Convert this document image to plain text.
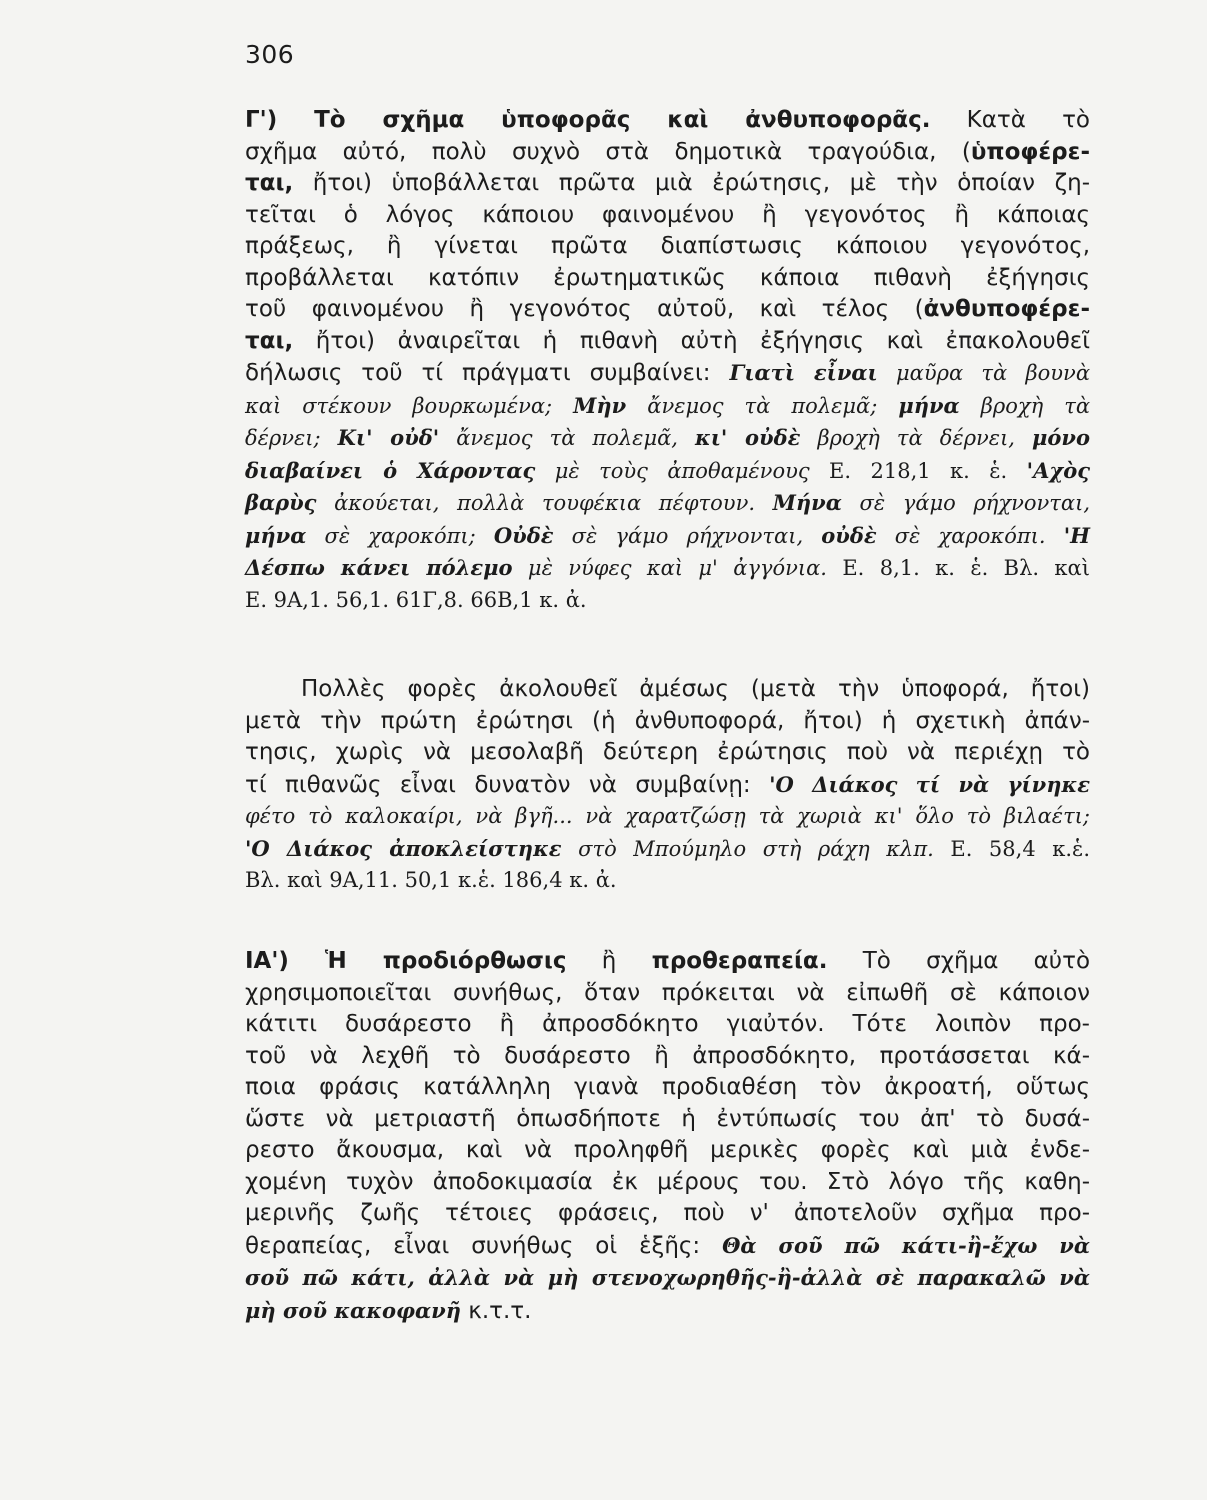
306
Γ') Τὸ σχῆμα ὑποφορᾶς καὶ ἀνθυποφορᾶς. Κατὰ τὸ
σχῆμα αὐτό, πολὺ συχνὸ στὰ δημοτικὰ τραγούδια, (ὑποφέρε-
ται, ἤτοι) ὑποβάλλεται πρῶτα μιὰ ἐρώτησις, μὲ τὴν ὁποίαν ζη-
τεῖται ὁ λόγος κάποιου φαινομένου ἢ γεγονότος ἢ κάποιας
πράξεως, ἢ γίνεται πρῶτα διαπίστωσις κάποιου γεγονότος,
προβάλλεται κατόπιν ἐρωτηματικῶς κάποια πιθανὴ ἐξήγησις
τοῦ φαινομένου ἢ γεγονότος αὐτοῦ, καὶ τέλος (ἀνθυποφέρε-
ται, ἤτοι) ἀναιρεῖται ἡ πιθανὴ αὐτὴ ἐξήγησις καὶ ἐπακολουθεῖ
δήλωσις τοῦ τί πράγματι συμβαίνει: Γιατὶ εἶναι μαῦρα τὰ βουνὰ
καὶ στέκουν βουρκωμένα; Μὴν ἄνεμος τὰ πολεμᾶ; μήνα βροχὴ τὰ
δέρνει; Κι' οὐδ' ἄνεμος τὰ πολεμᾶ, κι' οὐδὲ βροχὴ τὰ δέρνει, μόνο
διαβαίνει ὁ Χάροντας μὲ τοὺς ἀποθαμένους Ε. 218,1 κ. ἑ. 'Αχὸς
βαρὺς ἀκούεται, πολλὰ τουφέκια πέφτουν. Μήνα σὲ γάμο ρήχνονται,
μήνα σὲ χαροκόπι; Οὐδὲ σὲ γάμο ρήχνονται, οὐδὲ σὲ χαροκόπι. 'Η
Δέσπω κάνει πόλεμο μὲ νύφες καὶ μ' ἀγγόνια. Ε. 8,1. κ. ἑ. Βλ. καὶ
Ε. 9Α,1. 56,1. 61Γ,8. 66Β,1 κ. ἀ.
Πολλὲς φορὲς ἀκολουθεῖ ἀμέσως (μετὰ τὴν ὑποφορά, ἤτοι)
μετὰ τὴν πρώτη ἐρώτησι (ἡ ἀνθυποφορά, ἤτοι) ἡ σχετικὴ ἀπάν-
τησις, χωρὶς νὰ μεσολαβῆ δεύτερη ἐρώτησις ποὺ νὰ περιέχῃ τὸ
τί πιθανῶς εἶναι δυνατὸν νὰ συμβαίνῃ: 'Ο Διάκος τί νὰ γίνηκε
φέτο τὸ καλοκαίρι, νὰ βγῆ... νὰ χαρατζώσῃ τὰ χωριὰ κι' ὅλο τὸ βιλαέτι;
'Ο Διάκος ἀποκλείστηκε στὸ Μπούμηλο στὴ ράχη κλπ. Ε. 58,4 κ.ἑ.
Βλ. καὶ 9Α,11. 50,1 κ.ἑ. 186,4 κ. ἀ.
ΙΑ') Ἡ προδιόρθωσις ἢ προθεραπεία. Τὸ σχῆμα αὐτὸ
χρησιμοποιεῖται συνήθως, ὅταν πρόκειται νὰ εἰπωθῆ σὲ κάποιον
κάτιτι δυσάρεστο ἢ ἀπροσδόκητο γιαὐτόν. Τότε λοιπὸν προ-
τοῦ νὰ λεχθῆ τὸ δυσάρεστο ἢ ἀπροσδόκητο, προτάσσεται κά-
ποια φράσις κατάλληλη γιανὰ προδιαθέση τὸν ἀκροατή, οὕτως
ὥστε νὰ μετριαστῆ ὁπωσδήποτε ἡ ἐντύπωσίς του ἀπ' τὸ δυσά-
ρεστο ἄκουσμα, καὶ νὰ προληφθῆ μερικὲς φορὲς καὶ μιὰ ἐνδε-
χομένη τυχὸν ἀποδοκιμασία ἐκ μέρους του. Στὸ λόγο τῆς καθη-
μερινῆς ζωῆς τέτοιες φράσεις, ποὺ ν' ἀποτελοῦν σχῆμα προ-
θεραπείας, εἶναι συνήθως οἱ ἑξῆς: Θὰ σοῦ πῶ κάτι-ἢ-ἔχω νὰ
σοῦ πῶ κάτι, ἀλλὰ νὰ μὴ στενοχωρηθῆς-ἢ-ἀλλὰ σὲ παρακαλῶ νὰ
μὴ σοῦ κακοφανῆ κ.τ.τ.
